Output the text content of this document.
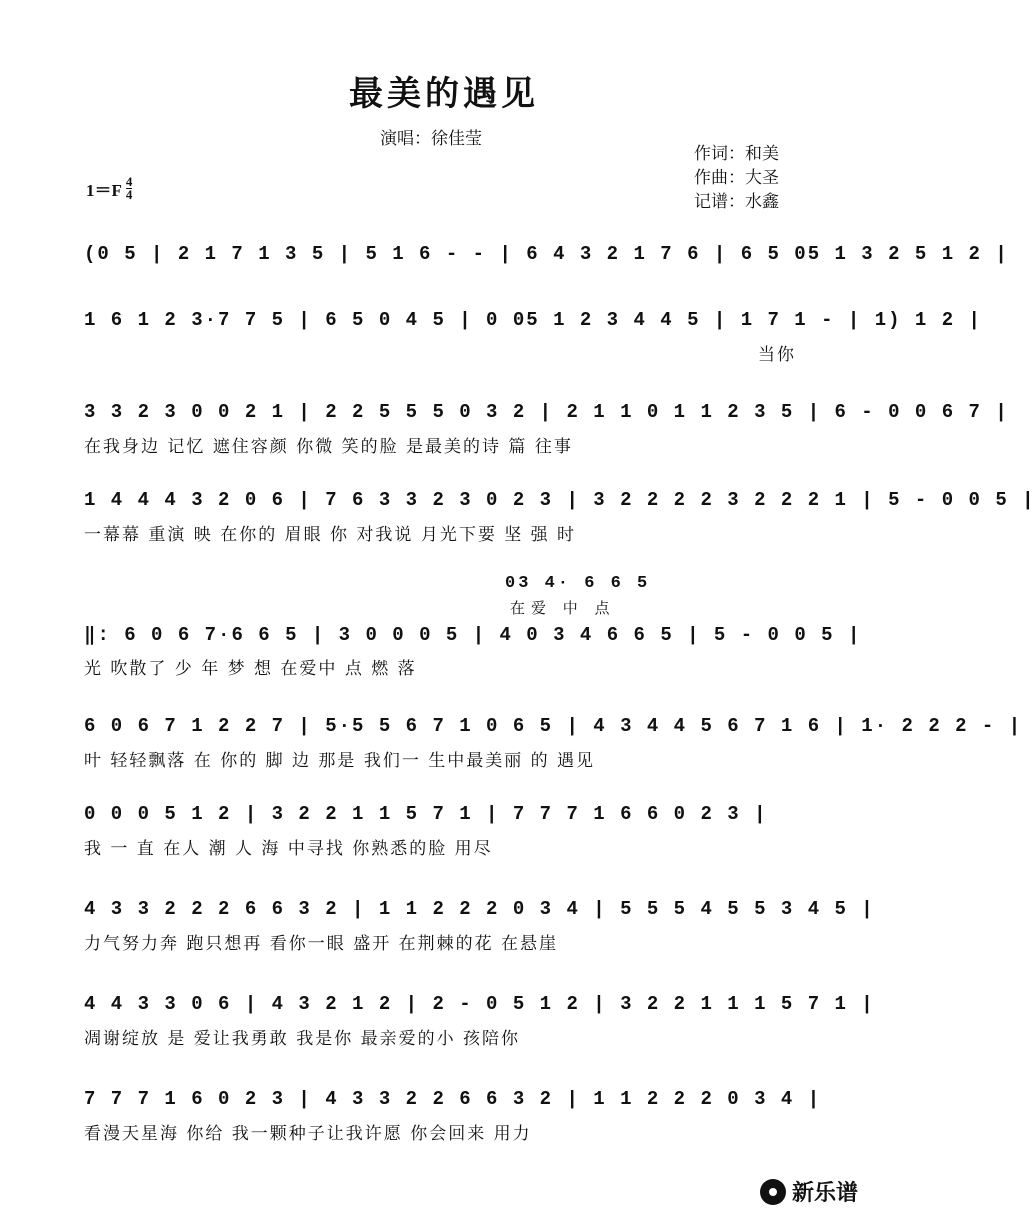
最美的遇见
演唱：徐佳莹
作词：和美
作曲：大圣
记谱：水鑫
1＝F 4
4
(0 5 | 2 1 7 1 3 5 | 5 1 6 - - | 6 4 3 2 1 7 6 | 6 5 05 1 3 2 5 1 2 |
1 6 1 2 3·7 7 5 | 6 5 0 4 5 | 0 05 1 2 3 4 4 5 | 1 7 1 - | 1) 1 2 |
当你
3 3 2 3 0 0 2 1 | 2 2 5 5 5 0 3 2 | 2 1 1 0 1 1 2 3 5 | 6 - 0 0 6 7 |
在我身边 记忆 遮住容颜 你微 笑的脸 是最美的诗 篇 往事
1 4 4 4 3 2 0 6 | 7 6 3 3 2 3 0 2 3 | 3 2 2 2 2 3 2 2 2 1 | 5 - 0 0 5 |
一幕幕 重演 映 在你的 眉眼 你 对我说 月光下要 坚 强 时
‖: 6 0 6 7·6 6 5 | 3 0 0 0 5 | 4 0 3 4 6 6 5 | 5 - 0 0 5 |
光 吹散了 少 年 梦 想 在爱中 点 燃 落
6 0 6 7 1 2 2 7 | 5·5 5 6 7 1 0 6 5 | 4 3 4 4 5 6 7 1 6 | 1· 2 2 2 - |
叶 轻轻飘落 在 你的 脚 边 那是 我们一 生中最美丽 的 遇见
0 0 0 5 1 2 | 3 2 2 1 1 5 7 1 | 7 7 7 1 6 6 0 2 3 |
我 一 直 在人 潮 人 海 中寻找 你熟悉的脸 用尽
4 3 3 2 2 2 6 6 3 2 | 1 1 2 2 2 0 3 4 | 5 5 5 4 5 5 3 4 5 |
力气努力奔 跑只想再 看你一眼 盛开 在荆棘的花 在悬崖
4 4 3 3 0 6 | 4 3 2 1 2 | 2 - 0 5 1 2 | 3 2 2 1 1 1 5 7 1 |
凋谢绽放 是 爱让我勇敢 我是你 最亲爱的小 孩陪你
7 7 7 1 6 0 2 3 | 4 3 3 2 2 6 6 3 2 | 1 1 2 2 2 0 3 4 |
看漫天星海 你给 我一颗种子让我许愿 你会回来 用力
03 4· 6 6 5
在爱 中 点
新乐谱
